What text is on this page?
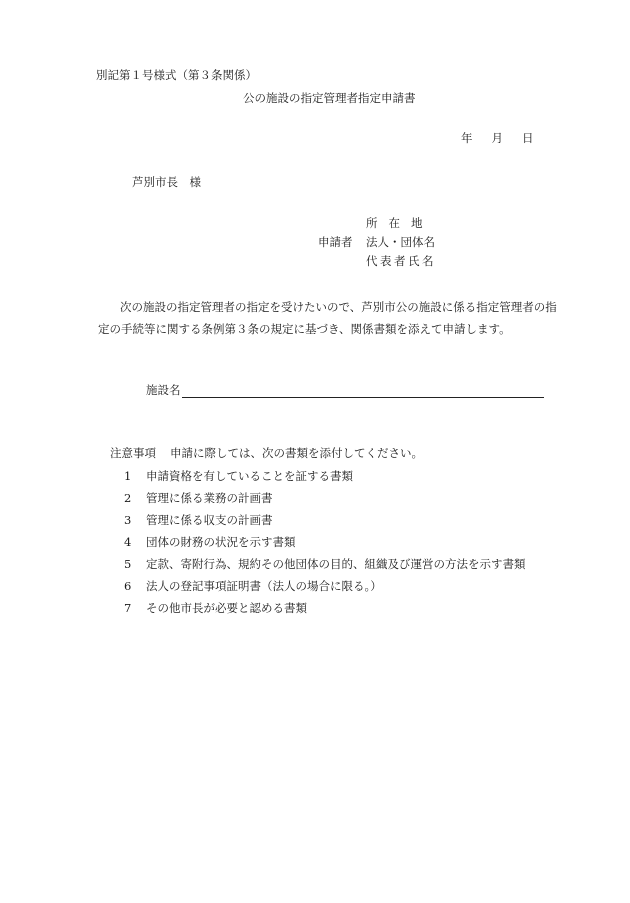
別記第１号様式（第３条関係）
公の施設の指定管理者指定申請書
年 月 日
芦別市長　様
所在地
申請者	法人・団体名
代表者氏名
次の施設の指定管理者の指定を受けたいので、芦別市公の施設に係る指定管理者の指
定の手続等に関する条例第３条の規定に基づき、関係書類を添えて申請します。
施設名
注意事項	申請に際しては、次の書類を添付してください。
1	申請資格を有していることを証する書類
2	管理に係る業務の計画書
3	管理に係る収支の計画書
4	団体の財務の状況を示す書類
5	定款、寄附行為、規約その他団体の目的、組織及び運営の方法を示す書類
6	法人の登記事項証明書（法人の場合に限る。）
7	その他市長が必要と認める書類
